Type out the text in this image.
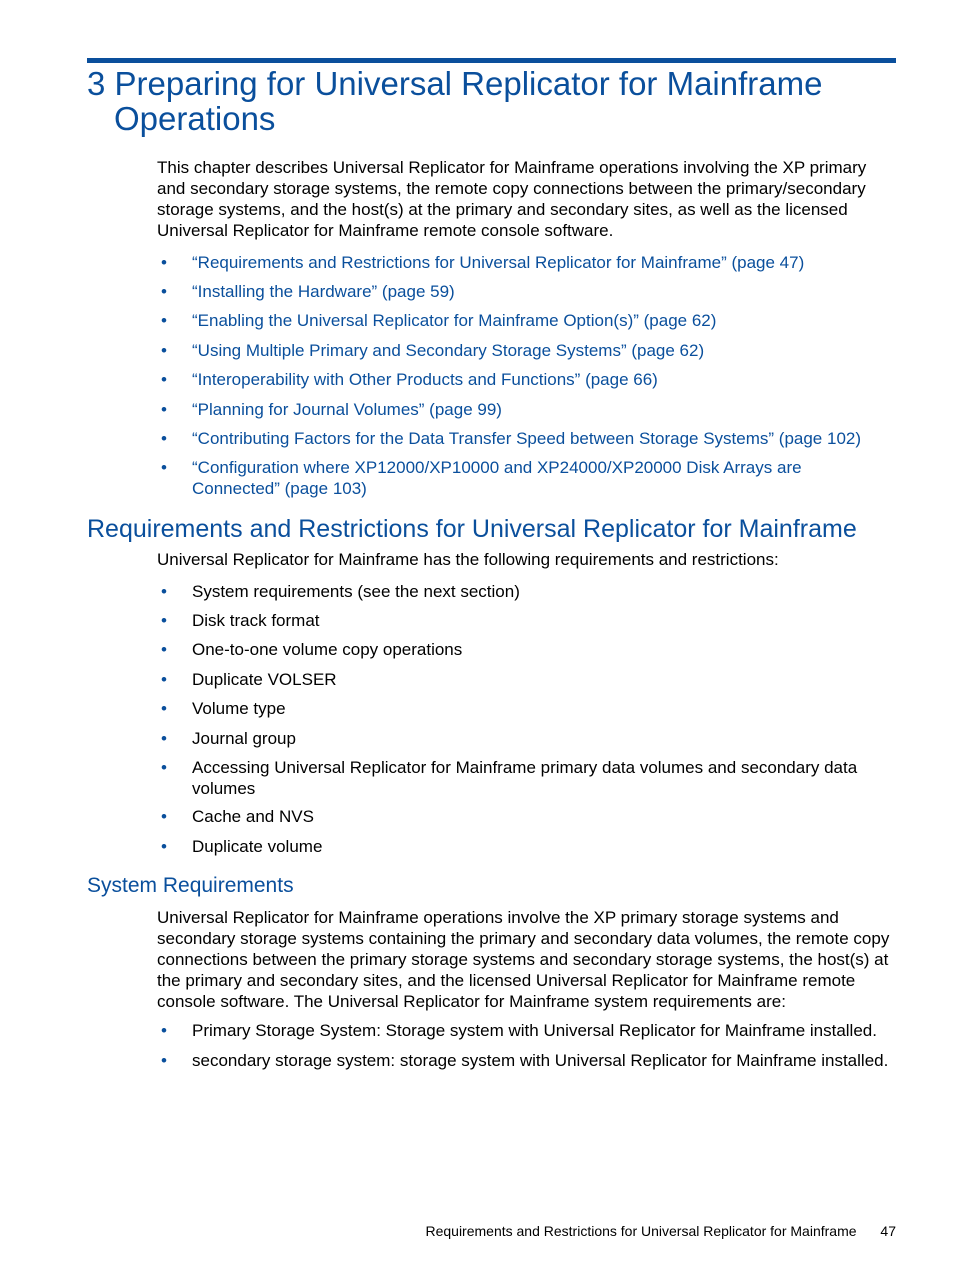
3 Preparing for Universal Replicator for Mainframe
Operations

This chapter describes Universal Replicator for Mainframe operations involving the XP primary and secondary storage systems, the remote copy connections between the primary/secondary storage systems, and the host(s) at the primary and secondary sites, as well as the licensed Universal Replicator for Mainframe remote console software.

• “Requirements and Restrictions for Universal Replicator for Mainframe” (page 47)
• “Installing the Hardware” (page 59)
• “Enabling the Universal Replicator for Mainframe Option(s)” (page 62)
• “Using Multiple Primary and Secondary Storage Systems” (page 62)
• “Interoperability with Other Products and Functions” (page 66)
• “Planning for Journal Volumes” (page 99)
• “Contributing Factors for the Data Transfer Speed between Storage Systems” (page 102)
• “Configuration where XP12000/XP10000 and XP24000/XP20000 Disk Arrays are Connected” (page 103)
Requirements and Restrictions for Universal Replicator for Mainframe

Universal Replicator for Mainframe has the following requirements and restrictions:

• System requirements (see the next section)
• Disk track format
• One-to-one volume copy operations
• Duplicate VOLSER
• Volume type
• Journal group
• Accessing Universal Replicator for Mainframe primary data volumes and secondary data volumes
• Cache and NVS
• Duplicate volume
System Requirements

Universal Replicator for Mainframe operations involve the XP primary storage systems and secondary storage systems containing the primary and secondary data volumes, the remote copy connections between the primary storage systems and secondary storage systems, the host(s) at the primary and secondary sites, and the licensed Universal Replicator for Mainframe remote console software. The Universal Replicator for Mainframe system requirements are:

• Primary Storage System: Storage system with Universal Replicator for Mainframe installed.
• secondary storage system: storage system with Universal Replicator for Mainframe installed.
Requirements and Restrictions for Universal Replicator for Mainframe 47
